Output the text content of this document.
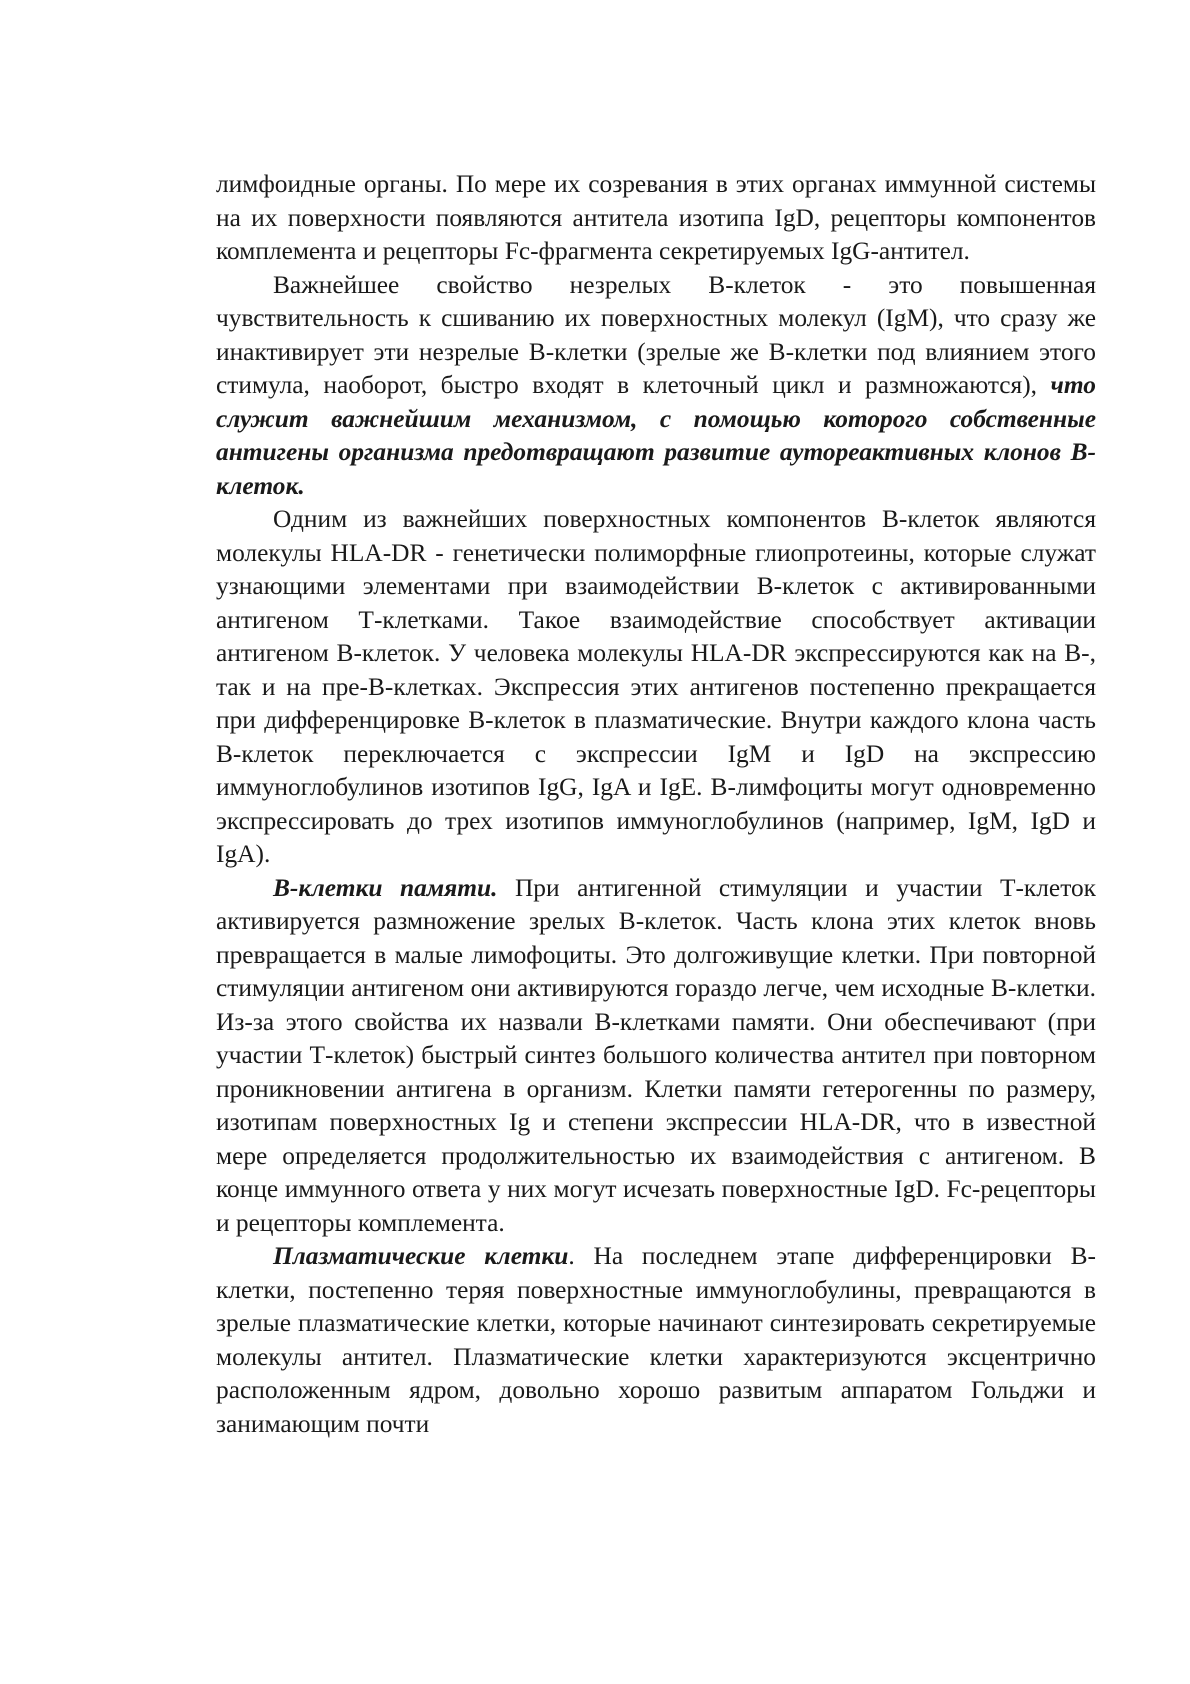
лимфоидные органы. По мере их созревания в этих органах иммунной системы на их поверхности появляются антитела изотипа IgD, рецепторы компонентов комплемента и рецепторы Fc-фрагмента секретируемых IgG-антител.

Важнейшее свойство незрелых В-клеток - это повышенная чувствительность к сшиванию их поверхностных молекул (IgM), что сразу же инактивирует эти незрелые В-клетки (зрелые же В-клетки под влиянием этого стимула, наоборот, быстро входят в клеточный цикл и размножаются), что служит важнейшим механизмом, с помощью которого собственные антигены организма предотвращают развитие аутореактивных клонов В-клеток.

Одним из важнейших поверхностных компонентов В-клеток являются молекулы HLA-DR - генетически полиморфные глиопротеины, которые служат узнающими элементами при взаимодействии В-клеток с активированными антигеном Т-клетками. Такое взаимодействие способствует активации антигеном В-клеток. У человека молекулы HLA-DR экспрессируются как на В-, так и на пре-В-клетках. Экспрессия этих антигенов постепенно прекращается при дифференцировке В-клеток в плазматические. Внутри каждого клона часть В-клеток переключается с экспрессии IgM и IgD на экспрессию иммуноглобулинов изотипов IgG, IgA и IgE. В-лимфоциты могут одновременно экспрессировать до трех изотипов иммуноглобулинов (например, IgM, IgD и IgA).

В-клетки памяти. При антигенной стимуляции и участии Т-клеток активируется размножение зрелых В-клеток. Часть клона этих клеток вновь превращается в малые лимофоциты. Это долгоживущие клетки. При повторной стимуляции антигеном они активируются гораздо легче, чем исходные В-клетки. Из-за этого свойства их назвали В-клетками памяти. Они обеспечивают (при участии Т-клеток) быстрый синтез большого количества антител при повторном проникновении антигена в организм. Клетки памяти гетерогенны по размеру, изотипам поверхностных Ig и степени экспрессии HLA-DR, что в известной мере определяется продолжительностью их взаимодействия с антигеном. В конце иммунного ответа у них могут исчезать поверхностные IgD. Fc-рецепторы и рецепторы комплемента.

Плазматические клетки. На последнем этапе дифференцировки В-клетки, постепенно теряя поверхностные иммуноглобулины, превращаются в зрелые плазматические клетки, которые начинают синтезировать секретируемые молекулы антител. Плазматические клетки характеризуются эксцентрично расположенным ядром, довольно хорошо развитым аппаратом Гольджи и занимающим почти
